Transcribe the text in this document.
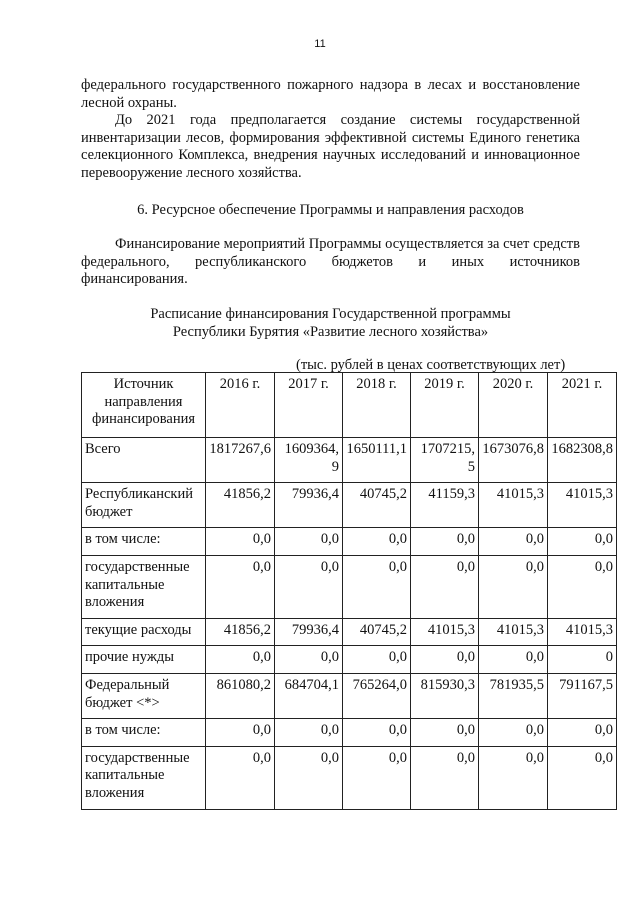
11

федерального государственного пожарного надзора в лесах и восстановление лесной охраны.

До 2021 года предполагается создание системы государственной инвентаризации лесов, формирования эффективной системы Единого генетика селекционного Комплекса, внедрения научных исследований и инновационное перевооружение лесного хозяйства.

6. Ресурсное обеспечение Программы и направления расходов

Финансирование мероприятий Программы осуществляется за счет средств федерального, республиканского бюджетов и иных источников финансирования.

Расписание финансирования Государственной программы
Республики Бурятия «Развитие лесного хозяйства»
(тыс. рублей в ценах соответствующих лет)
Источник направления финансирования	2016 г.	2017 г.	2018 г.	2019 г.	2020 г.	2021 г.
Всего	1817267,6	1609364,9	1650111,1	1707215,5	1673076,8	1682308,8
Республиканский бюджет	41856,2	79936,4	40745,2	41159,3	41015,3	41015,3
в том числе:	0,0	0,0	0,0	0,0	0,0	0,0
государственные капитальные вложения	0,0	0,0	0,0	0,0	0,0	0,0
текущие расходы	41856,2	79936,4	40745,2	41015,3	41015,3	41015,3
прочие нужды	0,0	0,0	0,0	0,0	0,0	0
Федеральный бюджет <*>	861080,2	684704,1	765264,0	815930,3	781935,5	791167,5
в том числе:	0,0	0,0	0,0	0,0	0,0	0,0
государственные капитальные вложения	0,0	0,0	0,0	0,0	0,0	0,0
